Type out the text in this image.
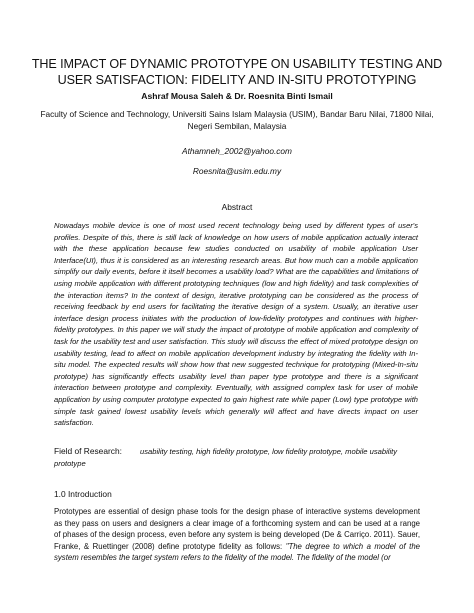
THE IMPACT OF DYNAMIC PROTOTYPE ON USABILITY TESTING AND USER SATISFACTION: FIDELITY AND IN-SITU PROTOTYPING
Ashraf Mousa Saleh & Dr. Roesnita Binti Ismail
Faculty of Science and Technology, Universiti Sains Islam Malaysia (USIM), Bandar Baru Nilai, 71800 Nilai, Negeri Sembilan, Malaysia
Athamneh_2002@yahoo.com
Roesnita@usim.edu.my
Abstract
Nowadays mobile device is one of most used recent technology being used by different types of user's profiles. Despite of this, there is still lack of knowledge on how users of mobile application actually interact with the these application because few studies conducted on usability of mobile application User Interface(UI), thus it is considered as an interesting research areas. But how much can a mobile application simplify our daily events, before it itself becomes a usability load? What are the capabilities and limitations of using mobile application with different prototyping techniques (low and high fidelity) and task complexities of the interaction items? In the context of design, iterative prototyping can be considered as the process of receiving feedback by end users for facilitating the iterative design of a system. Usually, an iterative user interface design process initiates with the production of low-fidelity prototypes and continues with higher-fidelity prototypes. In this paper we will study the impact of prototype of mobile application and complexity of task for the usability test and user satisfaction. This study will discuss the effect of mixed prototype design on usability testing, lead to affect on mobile application development industry by integrating the fidelity with In-situ model. The expected results will show how that new suggested technique for prototyping (Mixed-In-situ prototype) has significantly effects usability level than paper type prototype and there is a significant interaction between prototype and complexity. Eventually, with assigned complex task for user of mobile application by using computer prototype expected to gain highest rate while paper (Low) type prototype with simple task gained lowest usability levels which generally will affect and have directs impact on user satisfaction.
Field of Research:	usability testing, high fidelity prototype, low fidelity prototype, mobile usability prototype
1.0 Introduction
Prototypes are essential of design phase tools for the design phase of interactive systems development as they pass on users and designers a clear image of a forthcoming system and can be used at a range of phases of the design process, even before any system is being developed (De & Carriço. 2011). Sauer, Franke, & Ruettinger (2008) define prototype fidelity as follows: "The degree to which a model of the system resembles the target system refers to the fidelity of the model. The fidelity of the model (or
